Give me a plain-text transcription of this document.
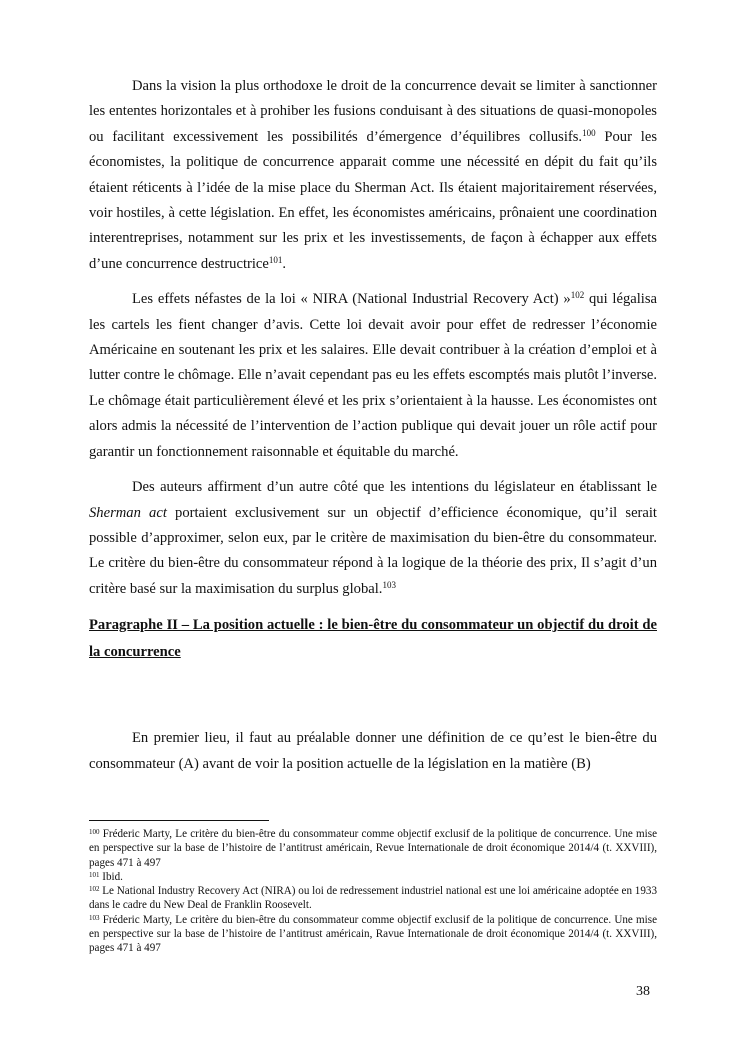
Dans la vision la plus orthodoxe le droit de la concurrence devait se limiter à sanctionner les ententes horizontales et à prohiber les fusions conduisant à des situations de quasi-monopoles ou facilitant excessivement les possibilités d’émergence d’équilibres collusifs.$^{100}$ Pour les économistes, la politique de concurrence apparait comme une nécessité en dépit du fait qu’ils étaient réticents à l’idée de la mise place du Sherman Act. Ils étaient majoritairement réservées, voir hostiles, à cette législation. En effet, les économistes américains, prônaient une coordination interentreprises, notamment sur les prix et les investissements, de façon à échapper aux effets d’une concurrence destructrice$^{101}$.

Les effets néfastes de la loi « NIRA (National Industrial Recovery Act) »$^{102}$ qui légalisa les cartels les fient changer d’avis. Cette loi devait avoir pour effet de redresser l’économie Américaine en soutenant les prix et les salaires. Elle devait contribuer à la création d’emploi et à lutter contre le chômage. Elle n’avait cependant pas eu les effets escomptés mais plutôt l’inverse. Le chômage était particulièrement élevé et les prix s’orientaient à la hausse. Les économistes ont alors admis la nécessité de l’intervention de l’action publique qui devait jouer un rôle actif pour garantir un fonctionnement raisonnable et équitable du marché.

Des auteurs affirment d’un autre côté que les intentions du législateur en établissant le Sherman act portaient exclusivement sur un objectif d’efficience économique, qu’il serait possible d’approximer, selon eux, par le critère de maximisation du bien-être du consommateur. Le critère du bien-être du consommateur répond à la logique de la théorie des prix, Il s’agit d’un critère basé sur la maximisation du surplus global.$^{103}$

Paragraphe II – La position actuelle : le bien-être du consommateur un objectif du droit de la concurrence

En premier lieu, il faut au préalable donner une définition de ce qu’est le bien-être du consommateur (A) avant de voir la position actuelle de la législation en la matière (B)

$^{100}$ Fréderic Marty, Le critère du bien-être du consommateur comme objectif exclusif de la politique de concurrence. Une mise en perspective sur la base de l’histoire de l’antitrust américain, Revue Internationale de droit économique 2014/4 (t. XXVIII), pages 471 à 497

$^{101}$ Ibid.

$^{102}$ Le National Industry Recovery Act (NIRA) ou loi de redressement industriel national est une loi américaine adoptée en 1933 dans le cadre du New Deal de Franklin Roosevelt.

$^{103}$ Fréderic Marty, Le critère du bien-être du consommateur comme objectif exclusif de la politique de concurrence. Une mise en perspective sur la base de l’histoire de l’antitrust américain, Ravue Internationale de droit économique 2014/4 (t. XXVIII), pages 471 à 497

38
